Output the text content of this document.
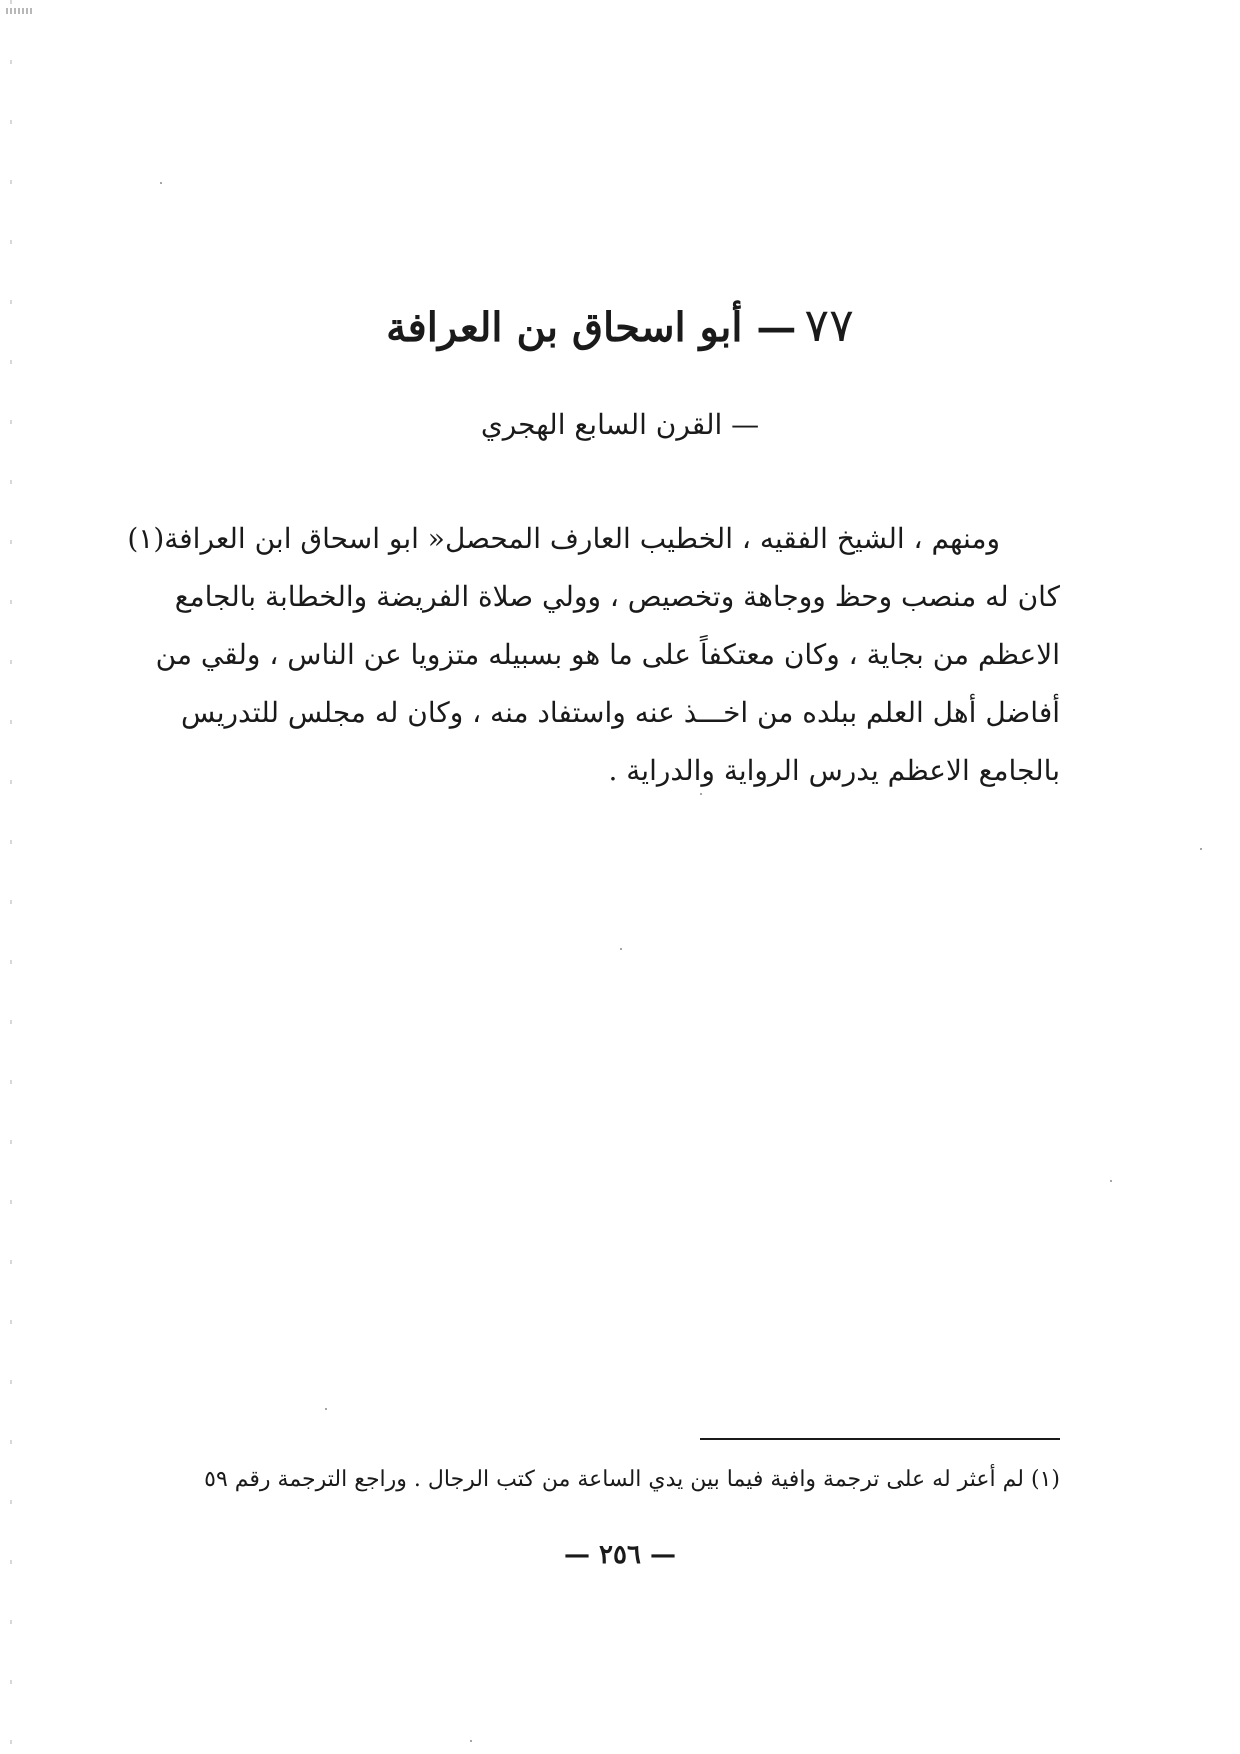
٧٧— أبو اسحاق بن العرافة
— القرن السابع الهجري
ومنهم ، الشيخ الفقيه ، الخطيب العارف المحصل« ابو اسحاق ابن العرافة(١)
كان له منصب وحظ ووجاهة وتخصيص ، وولي صلاة الفريضة والخطابة بالجامع
الاعظم من بجاية ، وكان معتكفاً على ما هو بسبيله متزويا عن الناس ، ولقي من
أفاضل أهل العلم ببلده من اخـــذ عنه واستفاد منه ، وكان له مجلس للتدريس
بالجامع الاعظم يدرس الرواية والدراية .
(١) لم أعثر له على ترجمة وافية فيما بين يدي الساعة من كتب الرجال . وراجع الترجمة رقم ٥٩
— ٢٥٦ —
